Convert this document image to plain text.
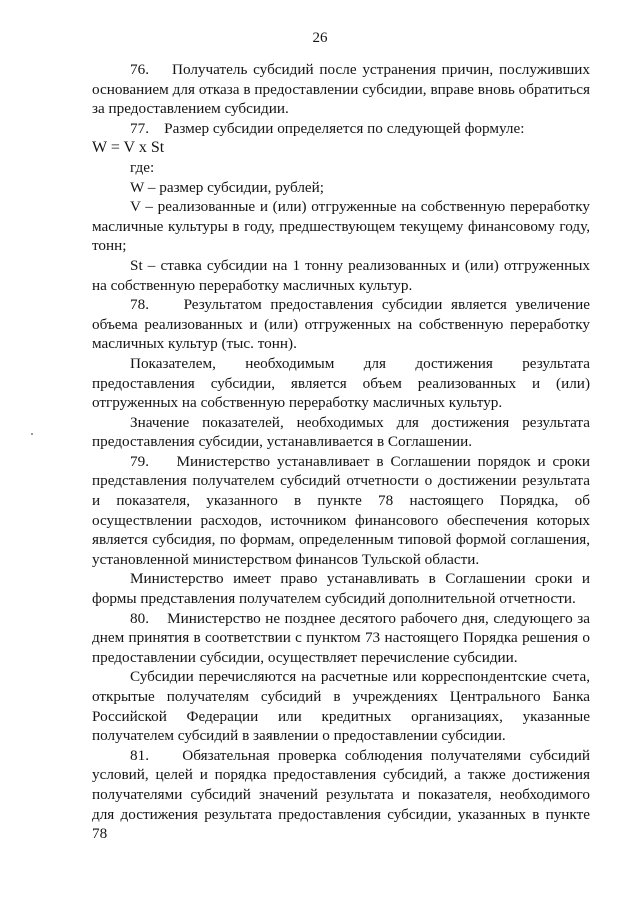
26

76.    Получатель субсидий после устранения причин, послуживших основанием для отказа в предоставлении субсидии, вправе вновь обратиться за предоставлением субсидии.

77.    Размер субсидии определяется по следующей формуле:

W = V x St

где:

W – размер субсидии, рублей;

V – реализованные и (или) отгруженные на собственную переработку масличные культуры в году, предшествующем текущему финансовому году, тонн;

St – ставка субсидии на 1 тонну реализованных и (или) отгруженных на собственную переработку масличных культур.

78.    Результатом предоставления субсидии является увеличение объема реализованных и (или) отгруженных на собственную переработку масличных культур (тыс. тонн).

Показателем, необходимым для достижения результата предоставления субсидии, является объем реализованных и (или) отгруженных на собственную переработку масличных культур.

Значение показателей, необходимых для достижения результата предоставления субсидии, устанавливается в Соглашении.

79.    Министерство устанавливает в Соглашении порядок и сроки представления получателем субсидий отчетности о достижении результата и показателя, указанного в пункте 78 настоящего Порядка, об осуществлении расходов, источником финансового обеспечения которых является субсидия, по формам, определенным типовой формой соглашения, установленной министерством финансов Тульской области.

Министерство имеет право устанавливать в Соглашении сроки и формы представления получателем субсидий дополнительной отчетности.

80.    Министерство не позднее десятого рабочего дня, следующего за днем принятия в соответствии с пунктом 73 настоящего Порядка решения о предоставлении субсидии, осуществляет перечисление субсидии.

Субсидии перечисляются на расчетные или корреспондентские счета, открытые получателям субсидий в учреждениях Центрального Банка Российской Федерации или кредитных организациях, указанные получателем субсидий в заявлении о предоставлении субсидии.

81.    Обязательная проверка соблюдения получателями субсидий условий, целей и порядка предоставления субсидий, а также достижения получателями субсидий значений результата и показателя, необходимого для достижения результата предоставления субсидии, указанных в пункте 78
